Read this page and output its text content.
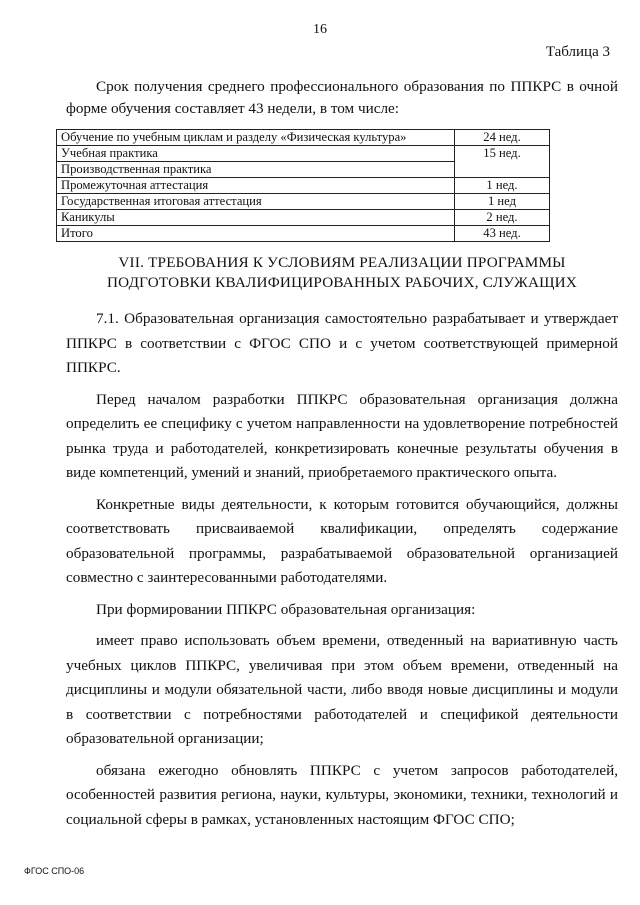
16
Таблица 3
Срок получения среднего профессионального образования по ППКРС в очной форме обучения составляет 43 недели, в том числе:
Обучение по учебным циклам и разделу «Физическая культура»	24 нед.
Учебная практика	15 нед.
Производственная практика	
Промежуточная аттестация	1 нед.
Государственная итоговая аттестация	1 нед
Каникулы	2 нед.
Итого	43 нед.
VII. ТРЕБОВАНИЯ К УСЛОВИЯМ РЕАЛИЗАЦИИ ПРОГРАММЫ
ПОДГОТОВКИ КВАЛИФИЦИРОВАННЫХ РАБОЧИХ, СЛУЖАЩИХ

7.1. Образовательная организация самостоятельно разрабатывает и утверждает ППКРС в соответствии с ФГОС СПО и с учетом соответствующей примерной ППКРС.

Перед началом разработки ППКРС образовательная организация должна определить ее специфику с учетом направленности на удовлетворение потребностей рынка труда и работодателей, конкретизировать конечные результаты обучения в виде компетенций, умений и знаний, приобретаемого практического опыта.

Конкретные виды деятельности, к которым готовится обучающийся, должны соответствовать присваиваемой квалификации, определять содержание образовательной программы, разрабатываемой образовательной организацией совместно с заинтересованными работодателями.

При формировании ППКРС образовательная организация:

имеет право использовать объем времени, отведенный на вариативную часть учебных циклов ППКРС, увеличивая при этом объем времени, отведенный на дисциплины и модули обязательной части, либо вводя новые дисциплины и модули в соответствии с потребностями работодателей и спецификой деятельности образовательной организации;

обязана ежегодно обновлять ППКРС с учетом запросов работодателей, особенностей развития региона, науки, культуры, экономики, техники, технологий и социальной сферы в рамках, установленных настоящим ФГОС СПО;

ФГОС СПО-06
